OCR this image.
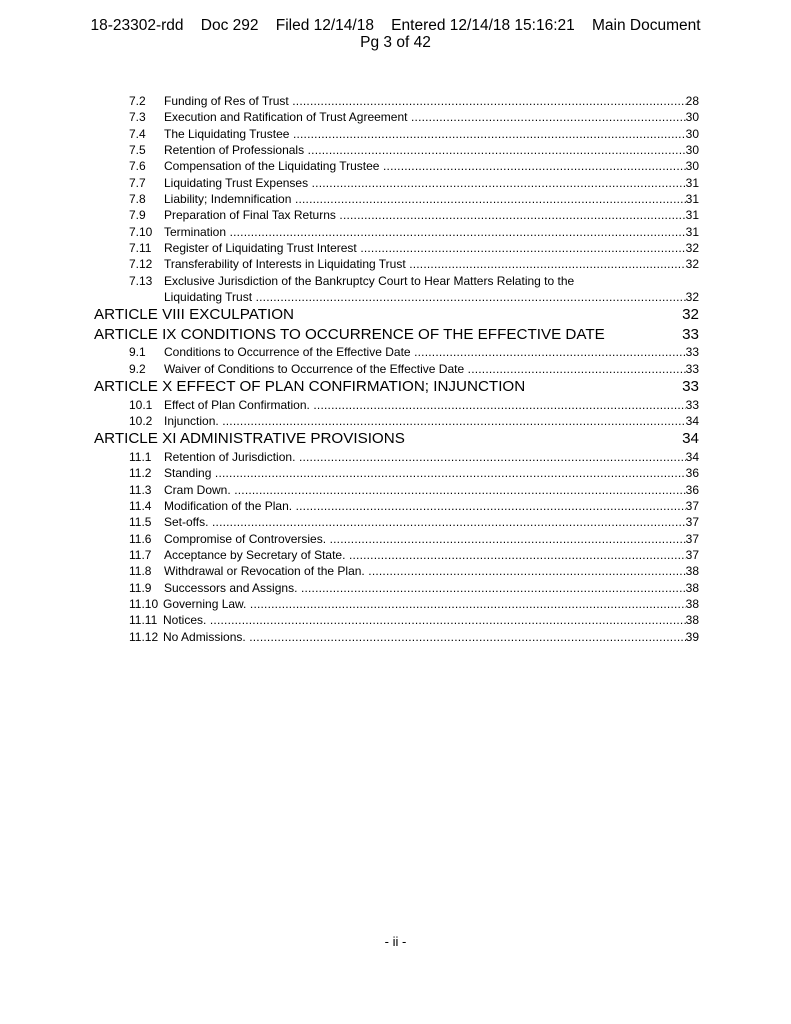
18-23302-rdd    Doc 292    Filed 12/14/18    Entered 12/14/18 15:16:21    Main Document
Pg 3 of 42
7.2 Funding of Res of Trust .....	28
7.3 Execution and Ratification of Trust Agreement .....	30
7.4 The Liquidating Trustee .....	30
7.5 Retention of Professionals .....	30
7.6 Compensation of the Liquidating Trustee .....	30
7.7 Liquidating Trust Expenses .....	31
7.8 Liability; Indemnification .....	31
7.9 Preparation of Final Tax Returns .....	31
7.10 Termination .....	31
7.11 Register of Liquidating Trust Interest .....	32
7.12 Transferability of Interests in Liquidating Trust .....	32
7.13 Exclusive Jurisdiction of the Bankruptcy Court to Hear Matters Relating to the
Liquidating Trust .....	32
ARTICLE VIII EXCULPATION	32
ARTICLE IX CONDITIONS TO OCCURRENCE OF THE EFFECTIVE DATE	33
9.1 Conditions to Occurrence of the Effective Date .....	33
9.2 Waiver of Conditions to Occurrence of the Effective Date .....	33
ARTICLE X EFFECT OF PLAN CONFIRMATION; INJUNCTION	33
10.1 Effect of Plan Confirmation. .....	33
10.2 Injunction. .....	34
ARTICLE XI ADMINISTRATIVE PROVISIONS	34
11.1 Retention of Jurisdiction. .....	34
11.2 Standing .....	36
11.3 Cram Down. .....	36
11.4 Modification of the Plan. .....	37
11.5 Set-offs. .....	37
11.6 Compromise of Controversies. .....	37
11.7 Acceptance by Secretary of State. .....	37
11.8 Withdrawal or Revocation of the Plan. .....	38
11.9 Successors and Assigns. .....	38
11.10 Governing Law. .....	38
11.11 Notices. .....	38
11.12 No Admissions. .....	39
- ii -
